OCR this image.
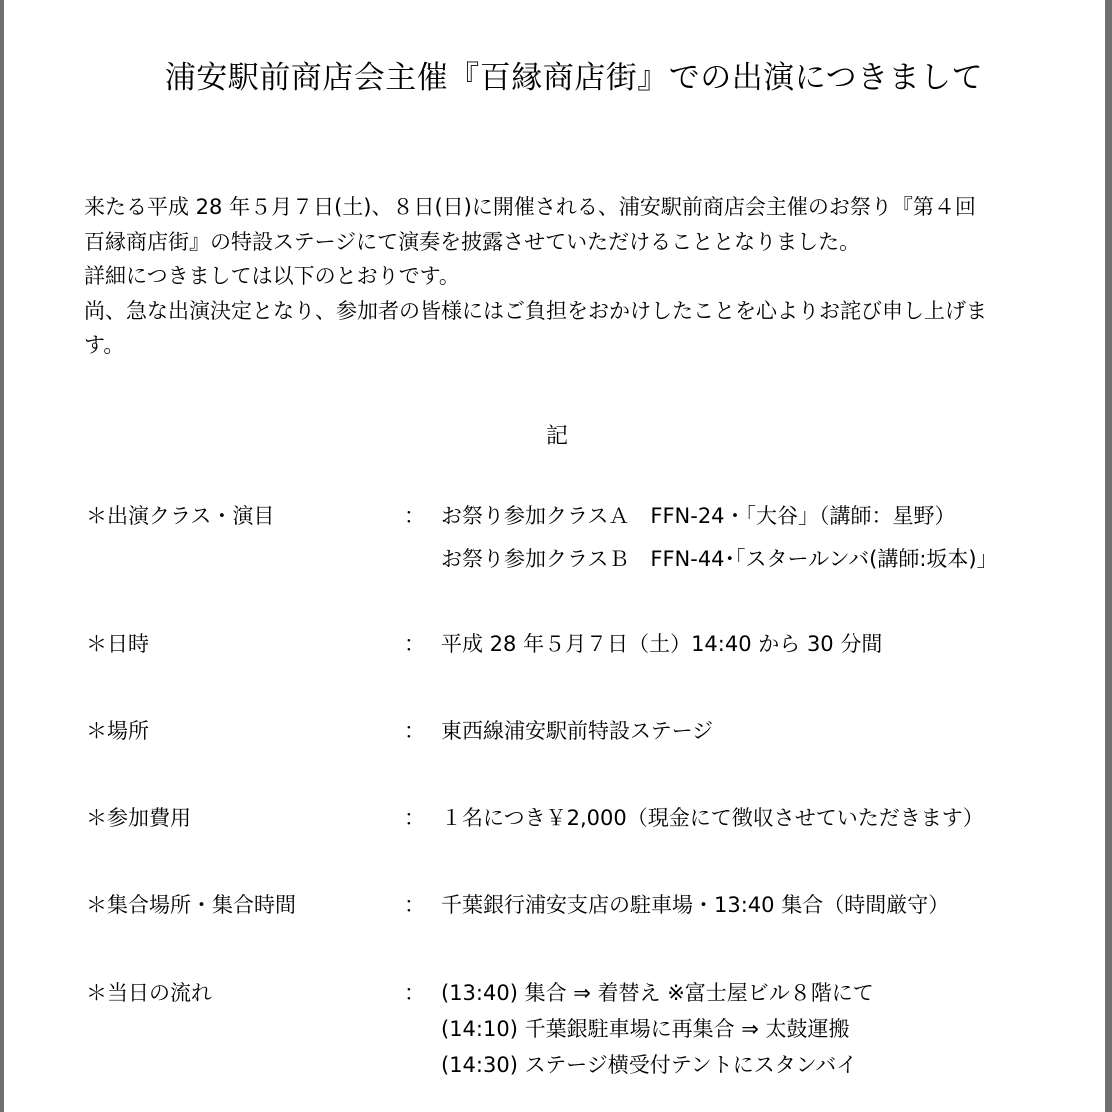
浦安駅前商店会主催『百縁商店街』での出演につきまして

来たる平成 28 年５月７日(土)、８日(日)に開催される、浦安駅前商店会主催のお祭り『第４回

百縁商店街』の特設ステージにて演奏を披露させていただけることとなりました。

詳細につきましては以下のとおりです。

尚、急な出演決定となり、参加者の皆様にはご負担をおかけしたことを心よりお詫び申し上げま

す。

記
＊出演クラス・演目	： お祭り参加クラスＡ　FFN-24・「大谷」（講師：星野）
お祭り参加クラスＢ　FFN-44･｢スタールンバ(講師:坂本)｣
＊日時	： 平成 28 年５月７日（土）14:40 から 30 分間
＊場所	： 東西線浦安駅前特設ステージ
＊参加費用	： １名につき￥2,000（現金にて徴収させていただきます）
＊集合場所・集合時間	： 千葉銀行浦安支店の駐車場・13:40 集合（時間厳守）
＊当日の流れ	： (13:40) 集合 ⇒ 着替え ※富士屋ビル８階にて
(14:10) 千葉銀駐車場に再集合 ⇒ 太鼓運搬
(14:30) ステージ横受付テントにスタンバイ
